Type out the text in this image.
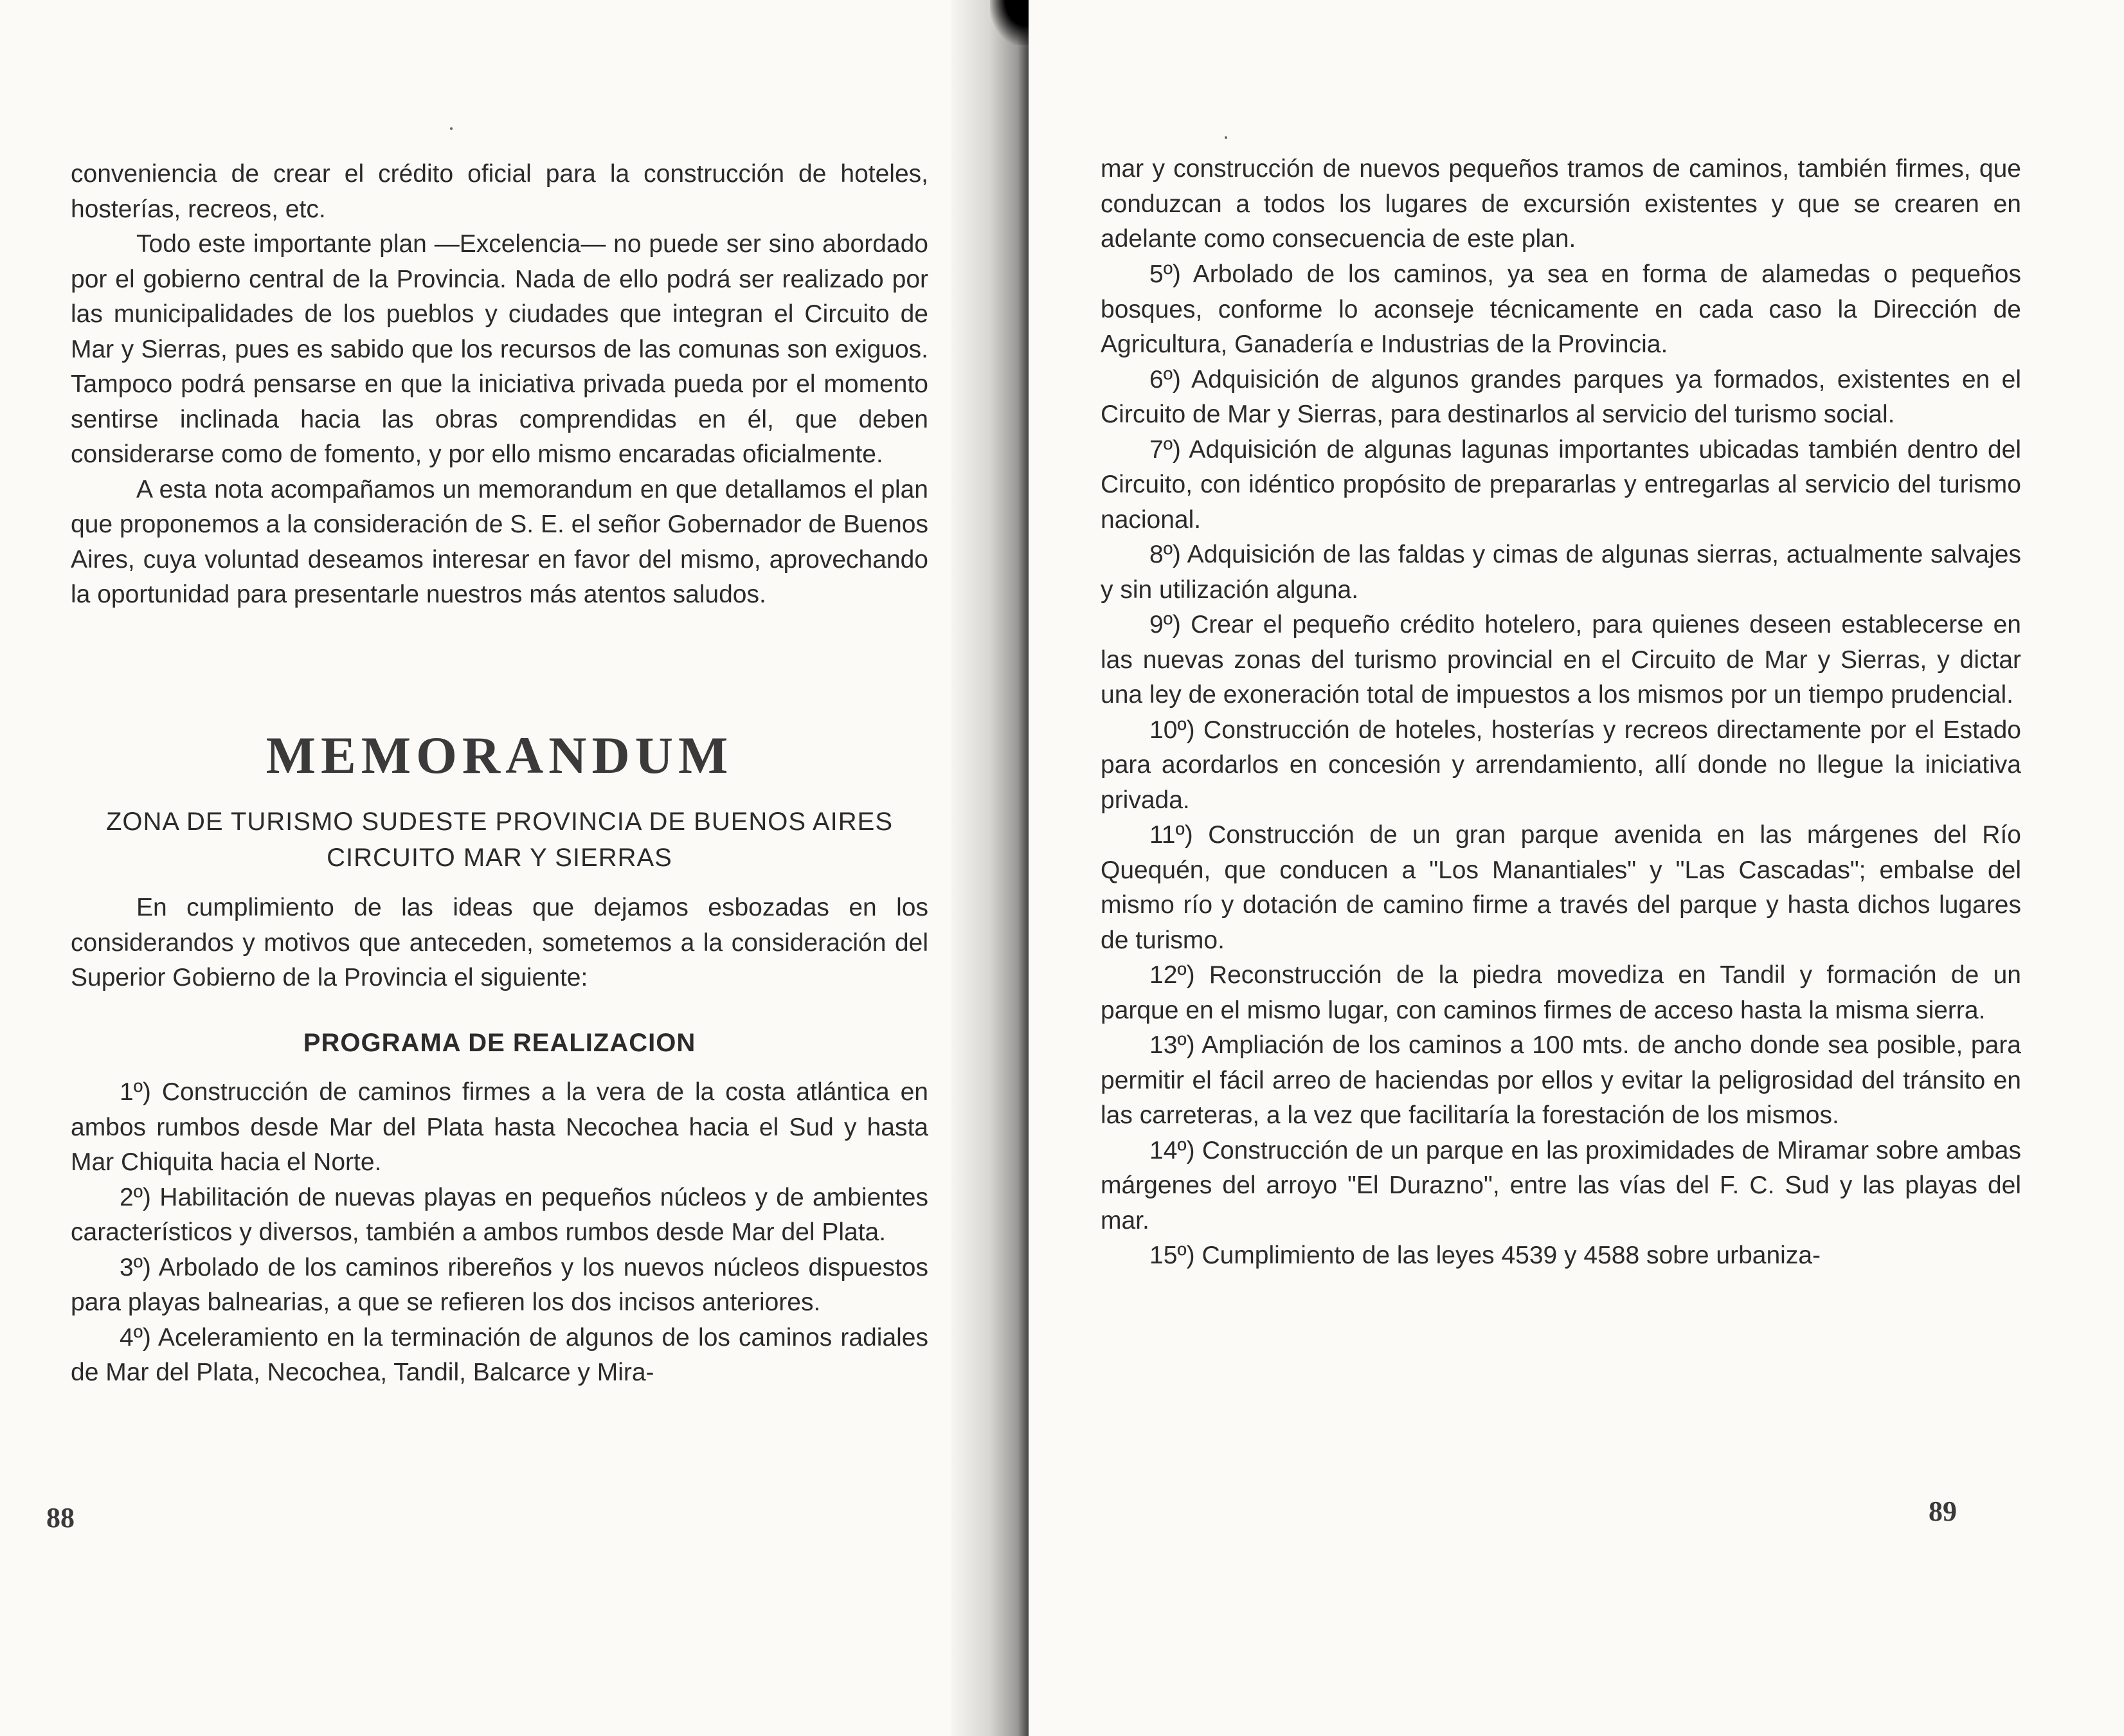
conveniencia de crear el crédito oficial para la construcción de hoteles, hosterías, recreos, etc.

Todo este importante plan —Excelencia— no puede ser sino abordado por el gobierno central de la Provincia. Nada de ello podrá ser realizado por las municipalidades de los pueblos y ciudades que integran el Circuito de Mar y Sierras, pues es sabido que los recursos de las comunas son exiguos. Tampoco podrá pensarse en que la iniciativa privada pueda por el momento sentirse inclinada hacia las obras comprendidas en él, que deben considerarse como de fomento, y por ello mismo encaradas oficialmente.

A esta nota acompañamos un memorandum en que detallamos el plan que proponemos a la consideración de S. E. el señor Gobernador de Buenos Aires, cuya voluntad deseamos interesar en favor del mismo, aprovechando la oportunidad para presentarle nuestros más atentos saludos.

MEMORANDUM
ZONA DE TURISMO SUDESTE PROVINCIA DE BUENOS AIRES
CIRCUITO MAR Y SIERRAS

En cumplimiento de las ideas que dejamos esbozadas en los considerandos y motivos que anteceden, sometemos a la consideración del Superior Gobierno de la Provincia el siguiente:

PROGRAMA DE REALIZACION

1º) Construcción de caminos firmes a la vera de la costa atlántica en ambos rumbos desde Mar del Plata hasta Necochea hacia el Sud y hasta Mar Chiquita hacia el Norte.

2º) Habilitación de nuevas playas en pequeños núcleos y de ambientes característicos y diversos, también a ambos rumbos desde Mar del Plata.

3º) Arbolado de los caminos ribereños y los nuevos núcleos dispuestos para playas balnearias, a que se refieren los dos incisos anteriores.

4º) Aceleramiento en la terminación de algunos de los caminos radiales de Mar del Plata, Necochea, Tandil, Balcarce y Mira-

88

mar y construcción de nuevos pequeños tramos de caminos, también firmes, que conduzcan a todos los lugares de excursión existentes y que se crearen en adelante como consecuencia de este plan.

5º) Arbolado de los caminos, ya sea en forma de alamedas o pequeños bosques, conforme lo aconseje técnicamente en cada caso la Dirección de Agricultura, Ganadería e Industrias de la Provincia.

6º) Adquisición de algunos grandes parques ya formados, existentes en el Circuito de Mar y Sierras, para destinarlos al servicio del turismo social.

7º) Adquisición de algunas lagunas importantes ubicadas también dentro del Circuito, con idéntico propósito de prepararlas y entregarlas al servicio del turismo nacional.

8º) Adquisición de las faldas y cimas de algunas sierras, actualmente salvajes y sin utilización alguna.

9º) Crear el pequeño crédito hotelero, para quienes deseen establecerse en las nuevas zonas del turismo provincial en el Circuito de Mar y Sierras, y dictar una ley de exoneración total de impuestos a los mismos por un tiempo prudencial.

10º) Construcción de hoteles, hosterías y recreos directamente por el Estado para acordarlos en concesión y arrendamiento, allí donde no llegue la iniciativa privada.

11º) Construcción de un gran parque avenida en las márgenes del Río Quequén, que conducen a "Los Manantiales" y "Las Cascadas"; embalse del mismo río y dotación de camino firme a través del parque y hasta dichos lugares de turismo.

12º) Reconstrucción de la piedra movediza en Tandil y formación de un parque en el mismo lugar, con caminos firmes de acceso hasta la misma sierra.

13º) Ampliación de los caminos a 100 mts. de ancho donde sea posible, para permitir el fácil arreo de haciendas por ellos y evitar la peligrosidad del tránsito en las carreteras, a la vez que facilitaría la forestación de los mismos.

14º) Construcción de un parque en las proximidades de Miramar sobre ambas márgenes del arroyo "El Durazno", entre las vías del F. C. Sud y las playas del mar.

15º) Cumplimiento de las leyes 4539 y 4588 sobre urbaniza-

89
